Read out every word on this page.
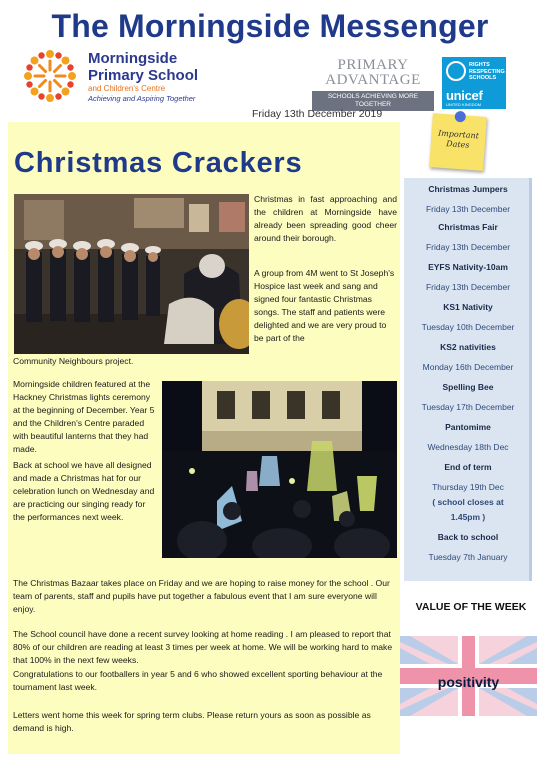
The Morningside Messenger
Morningside
Primary School
and Children's Centre
Achieving and Aspiring Together
PRIMARY ADVANTAGE
SCHOOLS ACHIEVING MORE TOGETHER
RIGHTS RESPECTING SCHOOLS
unicef
UNITED KINGDOM
Friday 13th December 2019
Christmas Crackers
Christmas in fast approaching and the children at Morningside have already been spreading good cheer around their borough.
A group from 4M went to St Joseph's Hospice last week and sang and signed four fantastic Christmas songs. The staff and patients were delighted and we are very proud to be part of the
Community Neighbours project.
Morningside children featured at the Hackney Christmas lights ceremony at the beginning of December. Year 5 and the Children's Centre paraded with beautiful lanterns that they had made.
Back at school we have all designed and made a Christmas hat for our celebration lunch on Wednesday and are practicing our singing ready for the performances next week.
The Christmas Bazaar takes place on Friday and we are hoping to raise money for the school . Our team of parents, staff and pupils have put together a fabulous event that I am sure everyone will enjoy.
The School council have done a recent survey looking at home reading . I am pleased to report that 80% of our children are reading at least 3 times per week at home. We will be working hard to make that 100% in the next few weeks.
Congratulations to our footballers in year 5 and 6 who showed excellent sporting behaviour at the tournament last week.
Letters went home this week for spring term clubs. Please return yours as soon as possible as demand is high.
Important Dates
Christmas Jumpers
Friday 13th December
Christmas Fair
Friday 13th December
EYFS Nativity-10am
Friday 13th December
KS1 Nativity
Tuesday 10th December
KS2 nativities
Monday 16th December
Spelling Bee
Tuesday 17th December
Pantomime
Wednesday 18th Dec
End of term
Thursday 19th Dec
( school closes at
1.45pm )
Back to school
Tuesday 7th January
VALUE OF THE WEEK
positivity
